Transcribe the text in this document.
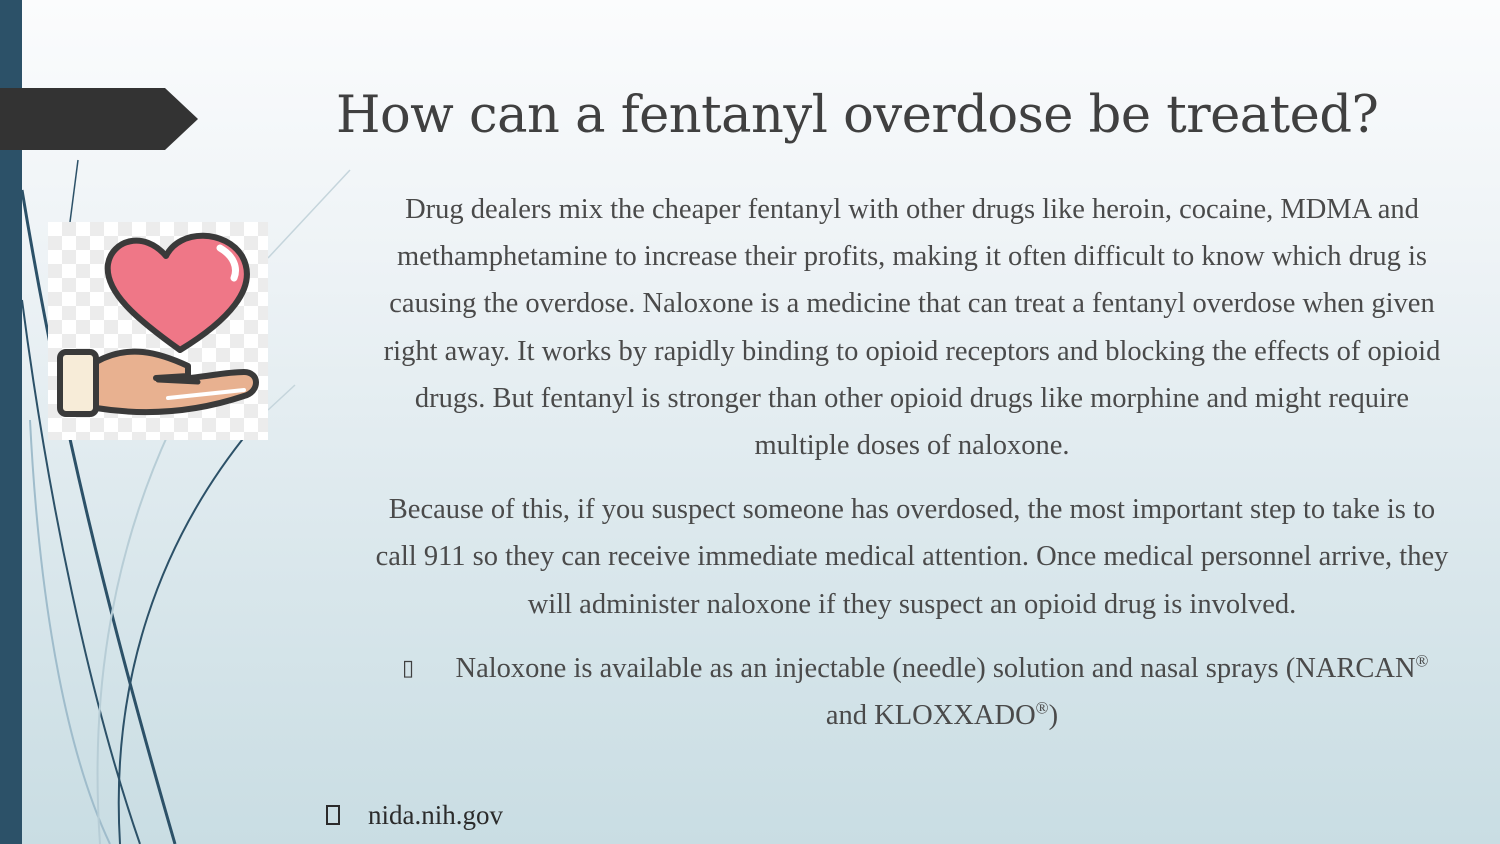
How can a fentanyl overdose be treated?

Drug dealers mix the cheaper fentanyl with other drugs like heroin, cocaine, MDMA and methamphetamine to increase their profits, making it often difficult to know which drug is causing the overdose. Naloxone is a medicine that can treat a fentanyl overdose when given right away. It works by rapidly binding to opioid receptors and blocking the effects of opioid drugs. But fentanyl is stronger than other opioid drugs like morphine and might require multiple doses of naloxone.

Because of this, if you suspect someone has overdosed, the most important step to take is to call 911 so they can receive immediate medical attention. Once medical personnel arrive, they will administer naloxone if they suspect an opioid drug is involved.

▯ Naloxone is available as an injectable (needle) solution and nasal sprays (NARCAN® and KLOXXADO®)

nida.nih.gov
